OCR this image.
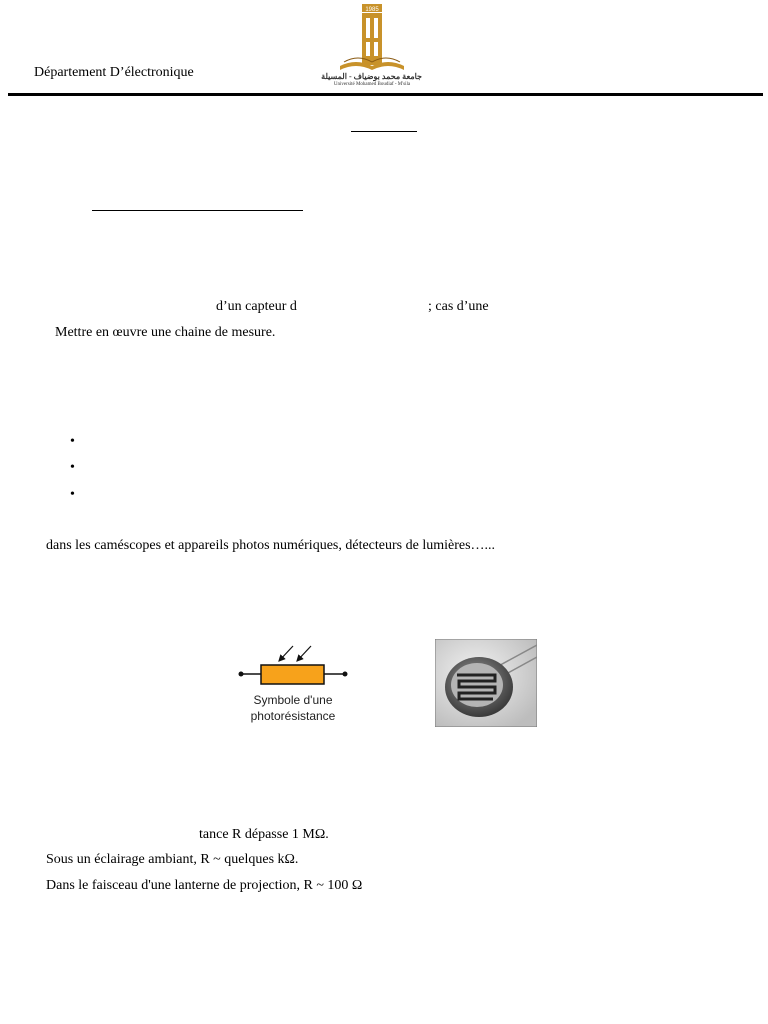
Département D’électronique
1985
جامعة محمد بوضياف - المسيلة
Université Mohamed Boudiaf - M'sila
d’un capteur d	; cas d’une
Mettre en œuvre une chaine de mesure.
•
•
•
dans les caméscopes et appareils photos numériques, détecteurs de lumières…...
Symbole d'une
photorésistance
tance R dépasse 1 MΩ.
Sous un éclairage ambiant, R ~ quelques kΩ.
Dans le faisceau d'une lanterne de projection, R ~ 100 Ω
